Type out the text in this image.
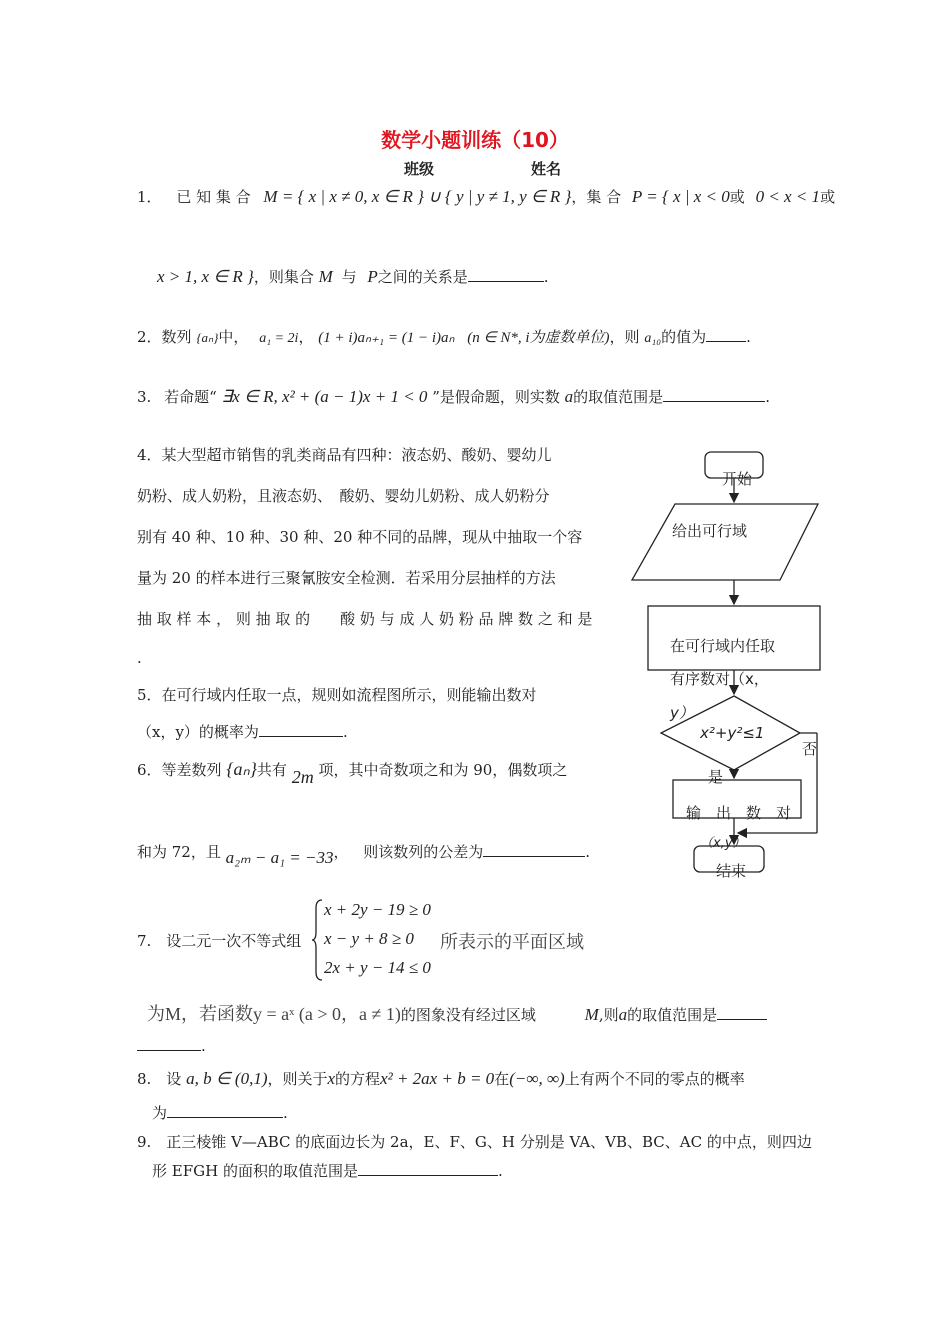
数学小题训练（10）
班级	姓名
1． 已 知 集 合 M = { x | x ≠ 0, x ∈ R } ∪ { y | y ≠ 1, y ∈ R }，集 合 P = { x | x < 0或 0 < x < 1或
x > 1, x ∈ R }，则集合 M 与 P之间的关系是	.
2．数列 {aₙ}中， a₁ = 2i， (1 + i)aₙ₊₁ = (1 − i)aₙ (n ∈ N*, i为虚数单位)，则 a₁₀的值为	.
3. 若命题“ ∃x ∈ R, x² + (a − 1)x + 1 < 0 ”是假命题，则实数 a的取值范围是	.
4．某大型超市销售的乳类商品有四种：液态奶、酸奶、婴幼儿
奶粉、成人奶粉，且液态奶、　酸奶、婴幼儿奶粉、成人奶粉分
别有 40 种、10 种、30 种、20 种不同的品牌，现从中抽取一个容
量为 20 的样本进行三聚氰胺安全检测．若采用分层抽样的方法
抽 取 样 本 ， 则 抽 取 的　　酸 奶 与 成 人 奶 粉 品 牌 数 之 和 是
.
5．在可行域内任取一点，规则如流程图所示，则能输出数对
（x，y）的概率为	.
6．等差数列 {aₙ}共有 2m 项，其中奇数项之和为 90，偶数项之
和为 72，且 a₂ₘ − a₁ = −33， 则该数列的公差为	.
7.　设二元一次不等式组
x + 2y − 19 ≥ 0
x − y + 8 ≥ 0
2x + y − 14 ≤ 0
所表示的平面区域
为M，若函数y = aˣ (a > 0，a ≠ 1)的图象没有经过区域	M,则a的取值范围是
.
8.　设 a, b ∈ (0,1)，则关于x的方程x² + 2ax + b = 0在(−∞, ∞)上有两个不同的零点的概率
为	.
9.　正三棱锥 V—ABC 的底面边长为 2a，E、F、G、H 分别是 VA、VB、BC、AC 的中点，则四边
形 EFGH 的面积的取值范围是	.
开始
给出可行域
在可行域内任取
有序数对（x，
y）
x²+y²≤1
否
是
输　出　数　对
（x,y）
结束
